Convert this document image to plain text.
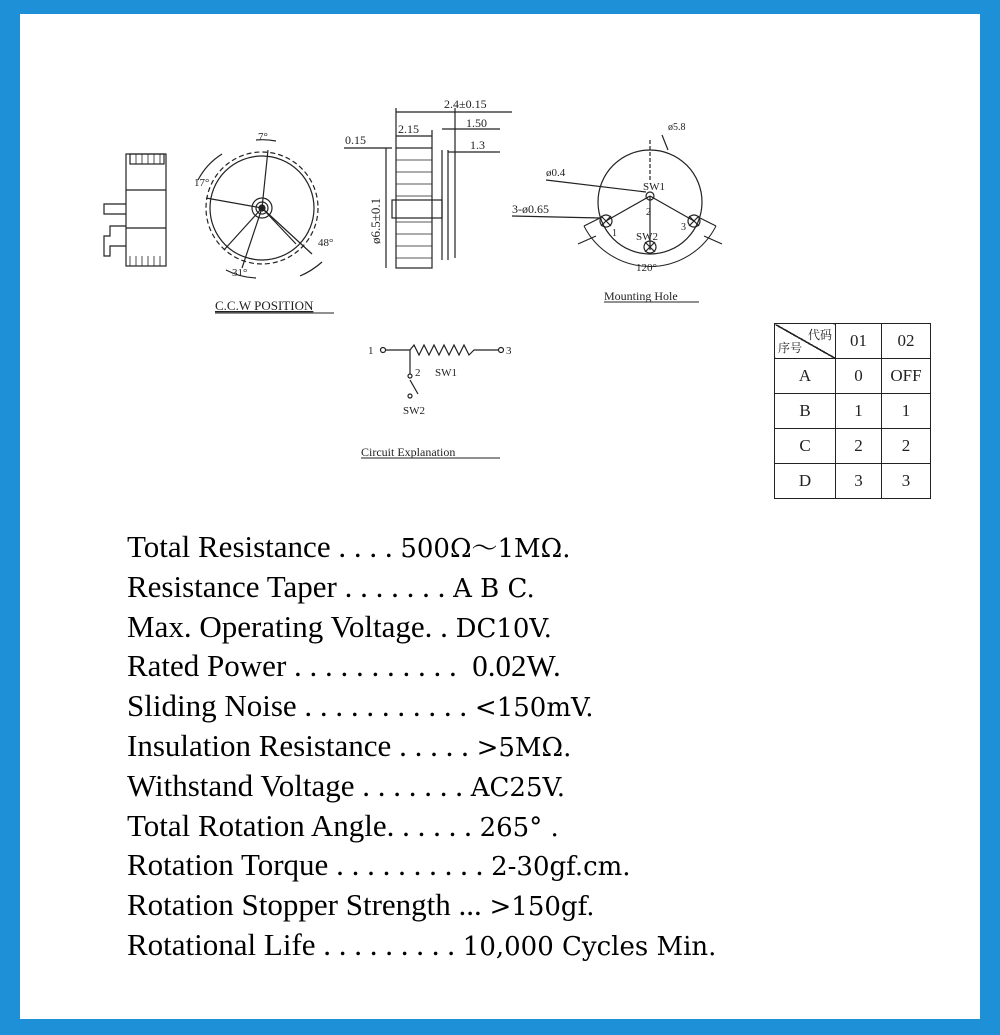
7°
17°
48°
31°
C.C.W POSITION
2.4±0.15
2.15	1.50
1.3
0.15
ø6.5±0.1
ø5.8
ø0.4
3-ø0.65
SW1
SW2
120°
1
2
3
Mounting Hole
1	3
2 SW1
SW2
Circuit Explanation
代码
序号	01	02
A	0	OFF
B	1	1
C	2	2
D	3	3
Total Resistance . . . . 500Ω～1MΩ.
Resistance Taper . . . . . . . A B C.
Max. Operating Voltage. . DC10V.
Rated Power . . . . . . . . . . .  0.02W.
Sliding Noise . . . . . . . . . . . <150mV.
Insulation Resistance . . . . . >5MΩ.
Withstand Voltage . . . . . . . AC25V.
Total Rotation Angle. . . . . . 265° .
Rotation Torque . . . . . . . . . . 2-30gf.cm.
Rotation Stopper Strength ... >150gf.
Rotational Life . . . . . . . . . 10,000 Cycles Min.
